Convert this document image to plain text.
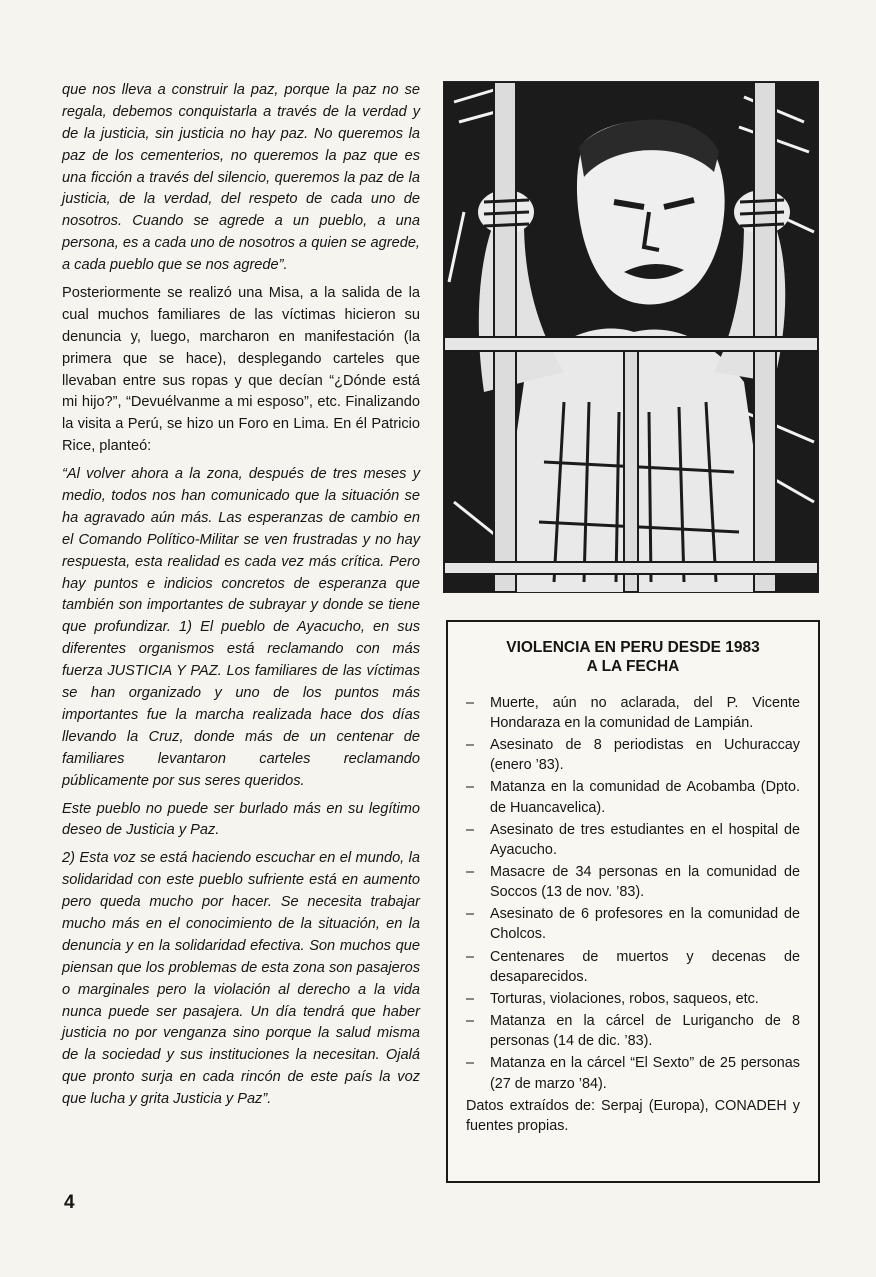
que nos lleva a construir la paz, porque la paz no se regala, debemos conquistarla a través de la verdad y de la justicia, sin justicia no hay paz. No queremos la paz de los cementerios, no queremos la paz que es una ficción a través del silencio, queremos la paz de la justicia, de la verdad, del respeto de cada uno de nosotros. Cuando se agrede a un pueblo, a una persona, es a cada uno de nosotros a quien se agrede, a cada pueblo que se nos agrede”.

Posteriormente se realizó una Misa, a la salida de la cual muchos familiares de las víctimas hicieron su denuncia y, luego, marcharon en manifestación (la primera que se hace), desplegando carteles que llevaban entre sus ropas y que decían “¿Dónde está mi hijo?”, “Devuélvanme a mi esposo”, etc. Finalizando la visita a Perú, se hizo un Foro en Lima. En él Patricio Rice, planteó:

“Al volver ahora a la zona, después de tres meses y medio, todos nos han comunicado que la situación se ha agravado aún más. Las esperanzas de cambio en el Comando Político-Militar se ven frustradas y no hay respuesta, esta realidad es cada vez más crítica. Pero hay puntos e indicios concretos de esperanza que también son importantes de subrayar y donde se tiene que profundizar. 1) El pueblo de Ayacucho, en sus diferentes organismos está reclamando con más fuerza JUSTICIA Y PAZ. Los familiares de las víctimas se han organizado y uno de los puntos más importantes fue la marcha realizada hace dos días llevando la Cruz, donde más de un centenar de familiares levantaron carteles reclamando públicamente por sus seres queridos.

Este pueblo no puede ser burlado más en su legítimo deseo de Justicia y Paz.

2) Esta voz se está haciendo escuchar en el mundo, la solidaridad con este pueblo sufriente está en aumento pero queda mucho por hacer. Se necesita trabajar mucho más en el conocimiento de la situación, en la denuncia y en la solidaridad efectiva. Son muchos que piensan que los problemas de esta zona son pasajeros o marginales pero la violación al derecho a la vida nunca puede ser pasajera. Un día tendrá que haber justicia no por venganza sino porque la salud misma de la sociedad y sus instituciones la necesitan. Ojalá que pronto surja en cada rincón de este país la voz que lucha y grita Justicia y Paz”.

4
VIOLENCIA EN PERU DESDE 1983
A LA FECHA
– Muerte, aún no aclarada, del P. Vicente Hondaraza en la comunidad de Lampián.
– Asesinato de 8 periodistas en Uchuraccay (enero ’83).
– Matanza en la comunidad de Acobamba (Dpto. de Huancavelica).
– Asesinato de tres estudiantes en el hospital de Ayacucho.
– Masacre de 34 personas en la comunidad de Soccos (13 de nov. ’83).
– Asesinato de 6 profesores en la comunidad de Cholcos.
– Centenares de muertos y decenas de desaparecidos.
– Torturas, violaciones, robos, saqueos, etc.
– Matanza en la cárcel de Lurigancho de 8 personas (14 de dic. ’83).
– Matanza en la cárcel “El Sexto” de 25 personas (27 de marzo ’84).
Datos extraídos de: Serpaj (Europa), CONADEH y fuentes propias.
